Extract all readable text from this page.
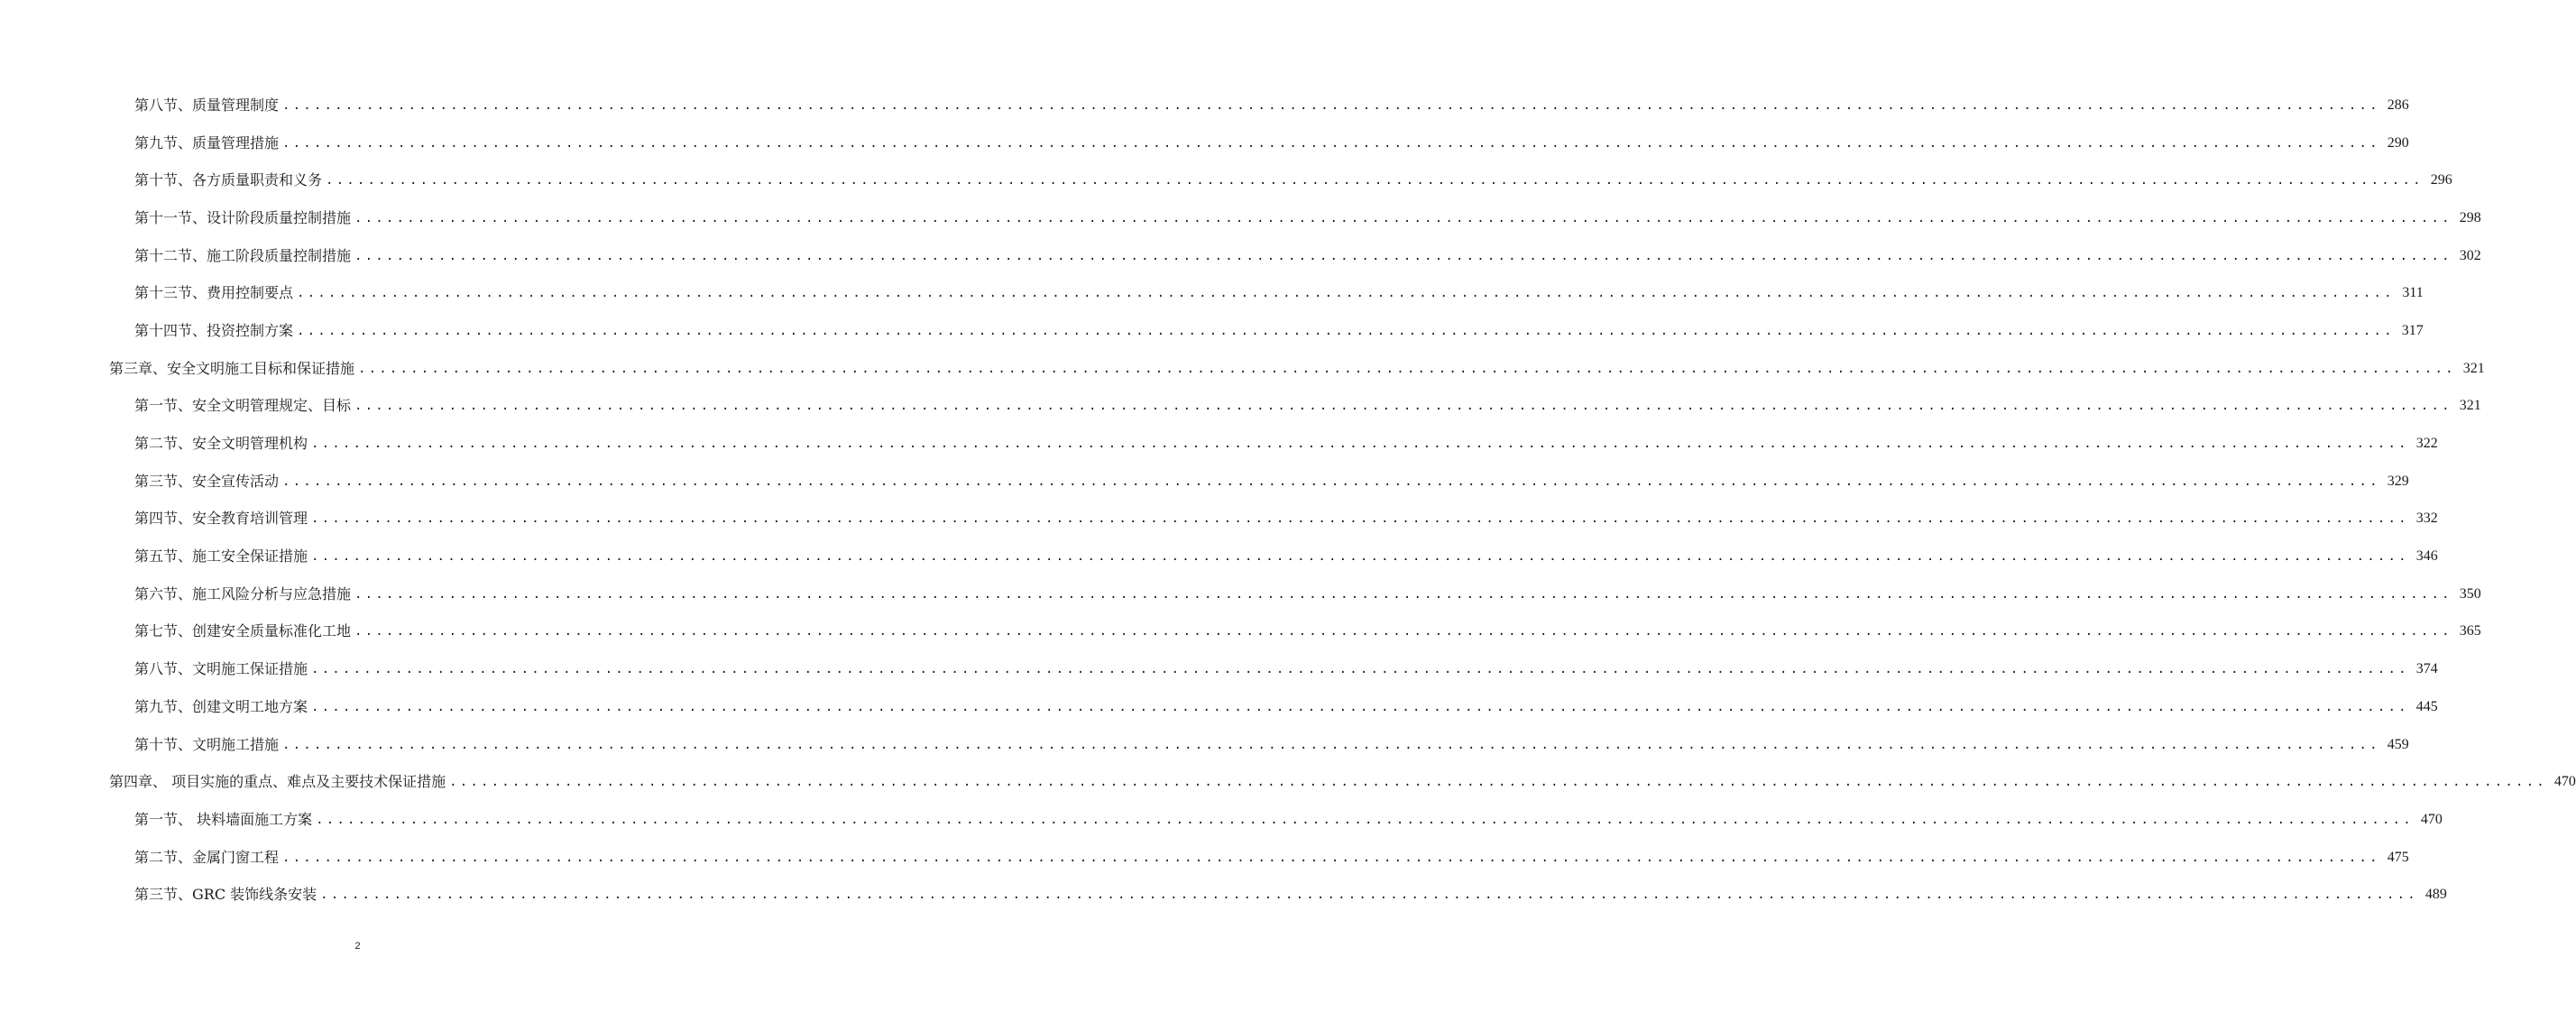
第八节、质量管理制度 ........................................................................................................................................................................................................ 286
第九节、质量管理措施 ........................................................................................................................................................................................................ 290
第十节、各方质量职责和义务 ........................................................................................................................................................................................................ 296
第十一节、设计阶段质量控制措施 ........................................................................................................................................................................................................ 298
第十二节、施工阶段质量控制措施 ........................................................................................................................................................................................................ 302
第十三节、费用控制要点 ........................................................................................................................................................................................................ 311
第十四节、投资控制方案 ........................................................................................................................................................................................................ 317
第三章、安全文明施工目标和保证措施 ........................................................................................................................................................................................................ 321
第一节、安全文明管理规定、目标 ........................................................................................................................................................................................................ 321
第二节、安全文明管理机构 ........................................................................................................................................................................................................ 322
第三节、安全宣传活动 ........................................................................................................................................................................................................ 329
第四节、安全教育培训管理 ........................................................................................................................................................................................................ 332
第五节、施工安全保证措施 ........................................................................................................................................................................................................ 346
第六节、施工风险分析与应急措施 ........................................................................................................................................................................................................ 350
第七节、创建安全质量标准化工地 ........................................................................................................................................................................................................ 365
第八节、文明施工保证措施 ........................................................................................................................................................................................................ 374
第九节、创建文明工地方案 ........................................................................................................................................................................................................ 445
第十节、文明施工措施 ........................................................................................................................................................................................................ 459
第四章、 项目实施的重点、难点及主要技术保证措施 ........................................................................................................................................................................................................ 470
第一节、 块料墙面施工方案 ........................................................................................................................................................................................................ 470
第二节、金属门窗工程 ........................................................................................................................................................................................................ 475
第三节、GRC 装饰线条安装 ........................................................................................................................................................................................................ 489
2
